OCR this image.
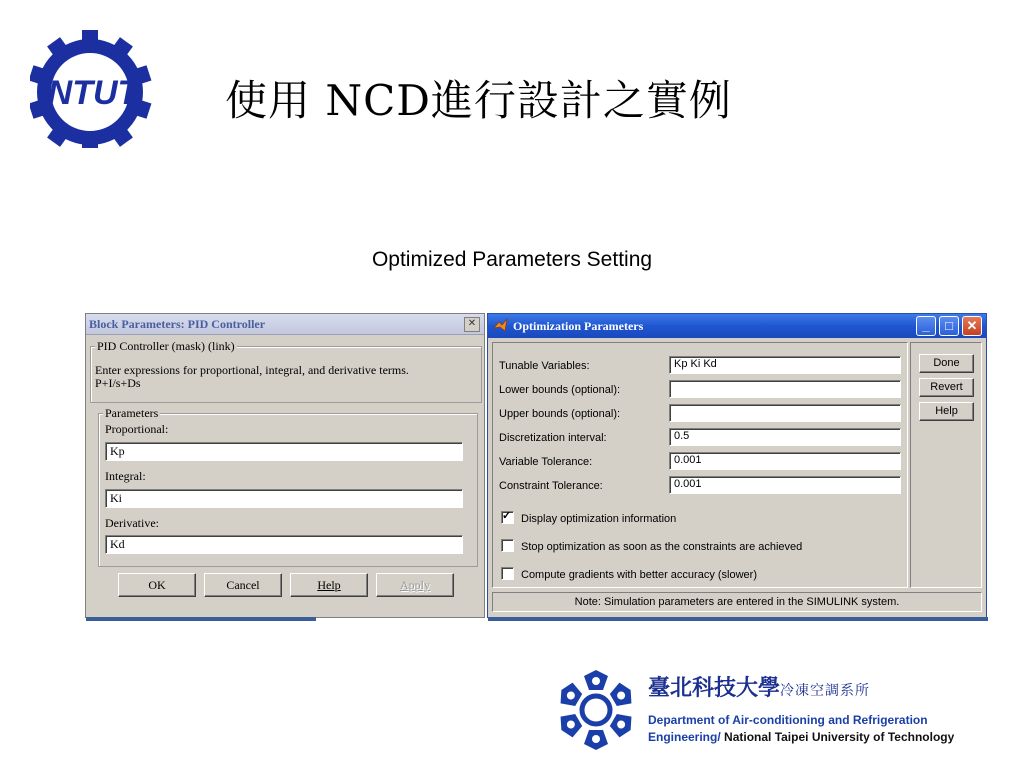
NTUT 使用 NCD進行設計之實例
Optimized Parameters Setting
Block Parameters: PID Controller	✕
PID Controller (mask) (link)
Enter expressions for proportional, integral, and derivative terms.
P+I/s+Ds
Parameters
Proportional:
Kp
Integral:
Ki
Derivative:
Kd
OK	Cancel	Help	Apply
Optimization Parameters	_	□	✕
Tunable Variables:	Kp Ki Kd
Lower bounds (optional):
Upper bounds (optional):
Discretization interval:	0.5
Variable Tolerance:	0.001
Constraint Tolerance:	0.001
✓ Display optimization information
Stop optimization as soon as the constraints are achieved
Compute gradients with better accuracy (slower)
Done
Revert
Help
Note: Simulation parameters are entered in the SIMULINK system.
臺北科技大學冷凍空調系所
Department of Air-conditioning and Refrigeration
Engineering/ National Taipei University of Technology
